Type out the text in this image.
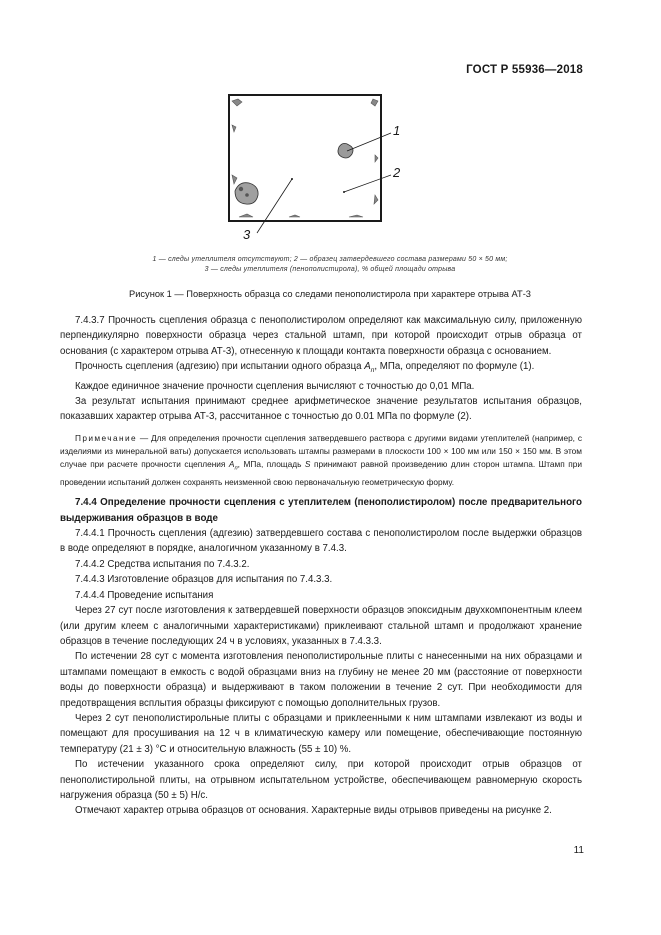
ГОСТ Р 55936—2018
1
2
3
1 — следы утеплителя отсутствуют; 2 — образец затвердевшего состава размерами 50 × 50 мм;
3 — следы утеплителя (пенополистирола), % общей площади отрыва
Рисунок 1 — Поверхность образца со следами пенополистирола при характере отрыва АТ-3

7.4.3.7 Прочность сцепления образца с пенополистиролом определяют как максимальную силу, приложенную перпендикулярно поверхности образца через стальной штамп, при которой происходит отрыв образца от основания (с характером отрыва АТ-3), отнесенную к площади контакта поверхности образца с основанием.

Прочность сцепления (адгезию) при испытании одного образца $A_п$, МПа, определяют по формуле (1).

Каждое единичное значение прочности сцепления вычисляют с точностью до 0,01 МПа.

За результат испытания принимают среднее арифметическое значение результатов испытания образцов, показавших характер отрыва АТ-3, рассчитанное с точностью до 0.01 МПа по формуле (2).

Примечание — Для определения прочности сцепления затвердевшего раствора с другими видами утеплителей (например, с изделиями из минеральной ваты) допускается использовать штампы размерами в плоскости 100 × 100 мм или 150 × 150 мм. В этом случае при расчете прочности сцепления $A_п$, МПа, площадь S принимают равной произведению длин сторон штампа. Штамп при проведении испытаний должен сохранять неизменной свою первоначальную геометрическую форму.

7.4.4 Определение прочности сцепления с утеплителем (пенополистиролом) после предварительного выдерживания образцов в воде

7.4.4.1 Прочность сцепления (адгезию) затвердевшего состава с пенополистиролом после выдержки образцов в воде определяют в порядке, аналогичном указанному в 7.4.3.

7.4.4.2 Средства испытания по 7.4.3.2.

7.4.4.3 Изготовление образцов для испытания по 7.4.3.3.

7.4.4.4 Проведение испытания

Через 27 сут после изготовления к затвердевшей поверхности образцов эпоксидным двухкомпонентным клеем (или другим клеем с аналогичными характеристиками) приклеивают стальной штамп и продолжают хранение образцов в течение последующих 24 ч в условиях, указанных в 7.4.3.3.

По истечении 28 сут с момента изготовления пенополистирольные плиты с нанесенными на них образцами и штампами помещают в емкость с водой образцами вниз на глубину не менее 20 мм (расстояние от поверхности воды до поверхности образца) и выдерживают в таком положении в течение 2 сут. При необходимости для предотвращения всплытия образцы фиксируют с помощью дополнительных грузов.

Через 2 сут пенополистирольные плиты с образцами и приклеенными к ним штампами извлекают из воды и помещают для просушивания на 12 ч в климатическую камеру или помещение, обеспечивающие постоянную температуру (21 ± 3) °С и относительную влажность (55 ± 10) %.

По истечении указанного срока определяют силу, при которой происходит отрыв образцов от пенополистирольной плиты, на отрывном испытательном устройстве, обеспечивающем равномерную скорость нагружения образца (50 ± 5) Н/с.

Отмечают характер отрыва образцов от основания. Характерные виды отрывов приведены на рисунке 2.

11
